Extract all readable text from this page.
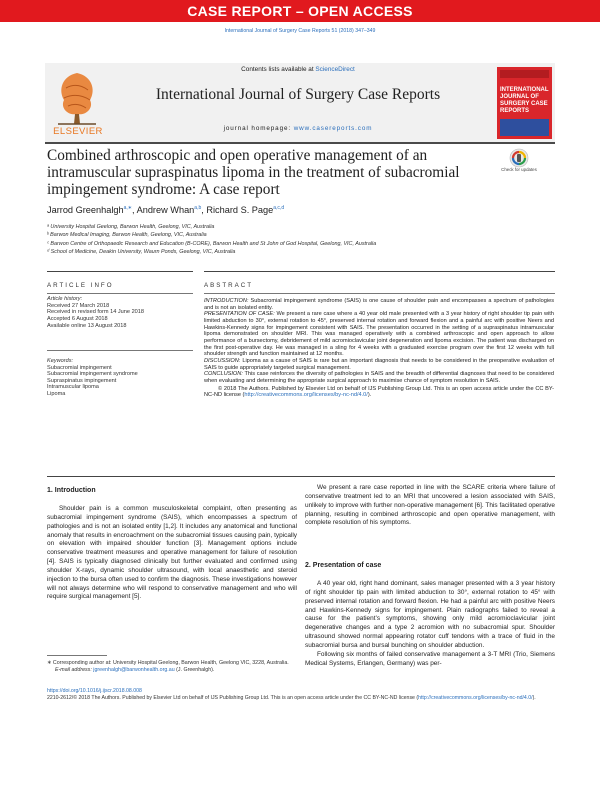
CASE REPORT – OPEN ACCESS
International Journal of Surgery Case Reports 51 (2018) 347–349
ELSEVIER
Contents lists available at ScienceDirect
International Journal of Surgery Case Reports
journal homepage: www.casereports.com
INTERNATIONAL JOURNAL OF SURGERY CASE REPORTS
Combined arthroscopic and open operative management of an intramuscular supraspinatus lipoma in the treatment of subacromial impingement syndrome: A case report
Check for updates
Jarrod Greenhalgh$^{a,∗}$, Andrew Whan$^{a,b}$, Richard S. Page$^{a,c,d}$
ᵃ University Hospital Geelong, Barwon Health, Geelong, VIC, Australia
ᵇ Barwon Medical Imaging, Barwon Health, Geelong, VIC, Australia
ᶜ Barwon Centre of Orthopaedic Research and Education (B-CORE), Barwon Health and St John of God Hospital, Geelong, VIC, Australia
ᵈ School of Medicine, Deakin University, Waurn Ponds, Geelong, VIC, Australia
ARTICLE INFO	ABSTRACT
Article history:
Received 27 March 2018
Received in revised form 14 June 2018
Accepted 6 August 2018
Available online 13 August 2018
Keywords:
Subacromial impingement
Subacromial impingement syndrome
Supraspinatus impingement
Intramuscular lipoma
Lipoma

INTRODUCTION: Subacromial impingement syndrome (SAIS) is one cause of shoulder pain and encompasses a spectrum of pathologies and is not an isolated entity.

PRESENTATION OF CASE: We present a rare case where a 40 year old male presented with a 3 year history of right shoulder tip pain with limited abduction to 30°, external rotation to 45°, preserved internal rotation and forward flexion and a painful arc with positive Neers and Hawkins-Kennedy signs for impingement consistent with SAIS. The presentation occurred in the setting of a supraspinatus intramuscular lipoma demonstrated on shoulder MRI. This was managed operatively with a combined arthroscopic and open approach to allow performance of a bursectomy, debridement of mild acromioclavicular joint degeneration and lipoma excision. The patient was discharged on the first post-operative day. He was managed in a sling for 4 weeks with a graduated exercise program over the first 12 weeks with full shoulder strength and function maintained at 12 months.

DISCUSSION: Lipoma as a cause of SAIS is rare but an important diagnosis that needs to be considered in the preoperative evaluation of SAIS to guide appropriately targeted surgical management.

CONCLUSION: This case reinforces the diversity of pathologies in SAIS and the breadth of differential diagnoses that need to be considered when evaluating and determining the appropriate surgical approach to maximise chance of symptom resolution in SAIS.

© 2018 The Authors. Published by Elsevier Ltd on behalf of IJS Publishing Group Ltd. This is an open access article under the CC BY-NC-ND license (http://creativecommons.org/licenses/by-nc-nd/4.0/).

1. Introduction

Shoulder pain is a common musculoskeletal complaint, often presenting as subacromial impingement syndrome (SAIS), which encompasses a spectrum of pathologies and is not an isolated entity [1,2]. It includes any anatomical and functional anomaly that results in encroachment on the subacromial tissues causing pain, typically on elevation with impaired shoulder function [3]. Management options include conservative treatment measures and operative management for failure of resolution [4]. SAIS is typically diagnosed clinically but further evaluated and confirmed using shoulder X-rays, dynamic shoulder ultrasound, with local anaesthetic and steroid injection to the bursa often used to confirm the diagnosis. These investigations however will not always determine who will respond to conservative management and who will require surgical management [5].

We present a rare case reported in line with the SCARE criteria where failure of conservative treatment led to an MRI that uncovered a lesion associated with SAIS, unlikely to improve with further non-operative management [6]. This facilitated operative planning, resulting in combined arthroscopic and open operative management, with complete resolution of his symptoms.

2. Presentation of case

A 40 year old, right hand dominant, sales manager presented with a 3 year history of right shoulder tip pain with limited abduction to 30°, external rotation to 45° with preserved internal rotation and forward flexion. He had a painful arc with positive Neers and Hawkins-Kennedy signs for impingement. Plain radiographs failed to reveal a cause for the patient’s symptoms, showing only mild acromioclavicular joint degenerative changes and a type 2 acromion with no subacromial spur. Shoulder ultrasound showed normal appearing rotator cuff tendons with a trace of fluid in the subacromial bursa and bursal bunching on shoulder abduction.

Following six months of failed conservative management a 3-T MRI (Trio, Siemens Medical Systems, Erlangen, Germany) was per-

∗ Corresponding author at: University Hospital Geelong, Barwon Health, Geelong VIC, 3228, Australia.
E-mail address: jgreenhalgh@barwonhealth.org.au (J. Greenhalgh).
https://doi.org/10.1016/j.ijscr.2018.08.008
2210-2612/© 2018 The Authors. Published by Elsevier Ltd on behalf of IJS Publishing Group Ltd. This is an open access article under the CC BY-NC-ND license (http://creativecommons.org/licenses/by-nc-nd/4.0/).
